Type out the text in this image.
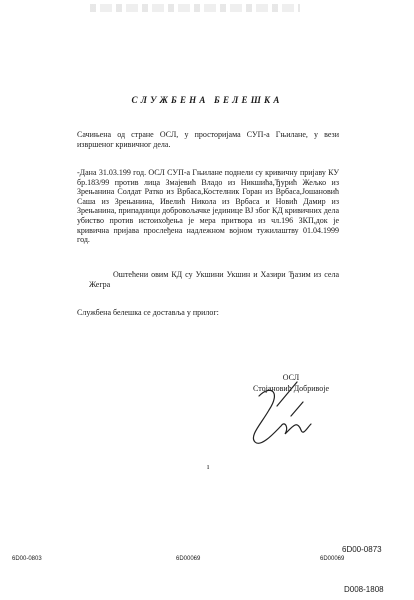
СЛУЖБЕНА БЕЛЕШКА

Сачињена од стране ОСЛ, у просторијама СУП-а Гњилане, у вези извршеног кривичног дела.

-Дана 31.03.199 год. ОСЛ СУП-а Гњилане поднели су кривичну пријаву КУ бр.183/99 против лица Змајевић Владо из Никшића,Ђурић Жељко из Зрењанина Солдат Ратко из Врбаса,Костелник Горан из Врбаса,Јошановић Саша из Зрењанина, Ивелић Никола из Врбаса и Новић Дамир из Зрењанина, припадници добровољачке јединице ВЈ због КД кривичних дела убиство против истоихођењa је мера притвора из чл.196 ЗКП,док је кривична пријава прослеђена надлежном војном тужилаштву 01.04.1999 год.

Оштећени овим КД су Укшини Укшин и Хазири Ђазим из села Жегра

Службена белешка се доставља у прилог:

ОСЛ
Стојановић Добривоје
ı
6D00-0873
6D00-0803	6D00069	6D00069
D008-1808
